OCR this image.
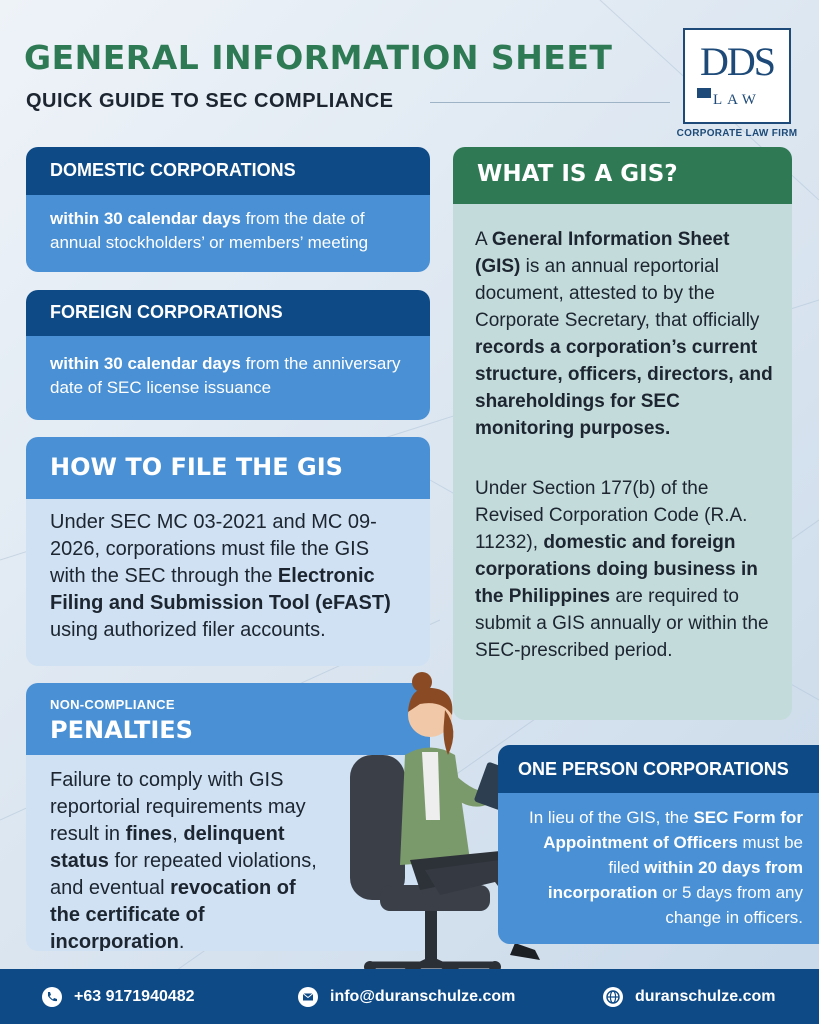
GENERAL INFORMATION SHEET
QUICK GUIDE TO SEC COMPLIANCE
DDS
LAW
CORPORATE LAW FIRM
DOMESTIC CORPORATIONS
within 30 calendar days from the date of annual stockholders’ or members’ meeting
FOREIGN CORPORATIONS
within 30 calendar days from the anniversary date of SEC license issuance
HOW TO FILE THE GIS
Under SEC MC 03-2021 and MC 09-2026, corporations must file the GIS with the SEC through the Electronic Filing and Submission Tool (eFAST) using authorized filer accounts.
NON-COMPLIANCE
PENALTIES
Failure to comply with GIS reportorial requirements may result in fines, delinquent status for repeated violations, and eventual revocation of the certificate of incorporation.
WHAT IS A GIS?

A General Information Sheet (GIS) is an annual reportorial document, attested to by the Corporate Secretary, that officially records a corporation’s current structure, officers, directors, and shareholdings for SEC monitoring purposes.

Under Section 177(b) of the Revised Corporation Code (R.A. 11232), domestic and foreign corporations doing business in the Philippines are required to submit a GIS annually or within the SEC-prescribed period.

ONE PERSON CORPORATIONS
In lieu of the GIS, the SEC Form for Appointment of Officers must be filed within 20 days from incorporation or 5 days from any change in officers.
+63 9171940482	info@duranschulze.com	duranschulze.com
